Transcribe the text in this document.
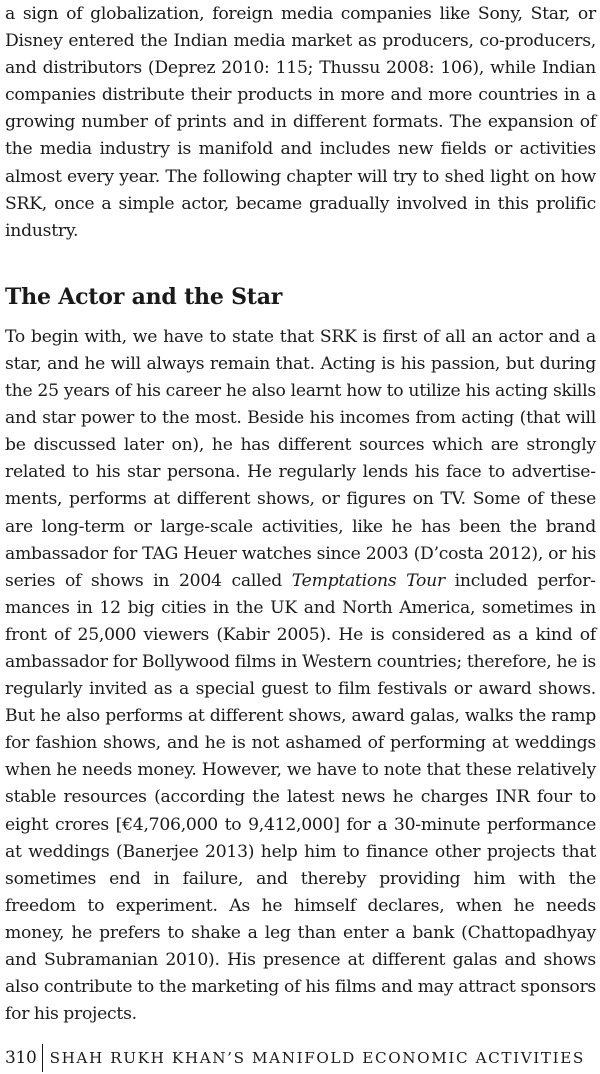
a sign of globalization, foreign media companies like Sony, Star, or Disney entered the Indian media market as producers, co-producers, and distributors (Deprez 2010: 115; Thussu 2008: 106), while Indian companies distribute their products in more and more countries in a growing number of prints and in different formats. The expansion of the media industry is manifold and includes new fields or activities almost every year. The following chapter will try to shed light on how SRK, once a simple actor, became gradually involved in this prolific industry.

The Actor and the Star

To begin with, we have to state that SRK is first of all an actor and a star, and he will always remain that. Acting is his passion, but during the 25 years of his career he also learnt how to utilize his acting skills and star power to the most. Beside his incomes from acting (that will be discussed later on), he has different sources which are strongly related to his star persona. He regularly lends his face to advertisements, performs at different shows, or figures on TV. Some of these are long-term or large-scale activities, like he has been the brand ambassador for TAG Heuer watches since 2003 (D’costa 2012), or his series of shows in 2004 called Temptations Tour included performances in 12 big cities in the UK and North America, sometimes in front of 25,000 viewers (Kabir 2005). He is considered as a kind of ambassador for Bollywood films in Western countries; therefore, he is regularly invited as a special guest to film festivals or award shows. But he also performs at different shows, award galas, walks the ramp for fashion shows, and he is not ashamed of performing at weddings when he needs money. However, we have to note that these relatively stable resources (according the latest news he charges INR four to eight crores [€4,706,000 to 9,412,000] for a 30-minute performance at weddings (Banerjee 2013) help him to finance other projects that sometimes end in failure, and thereby providing him with the freedom to experiment. As he himself declares, when he needs money, he prefers to shake a leg than enter a bank (Chattopadhyay and Subramanian 2010). His presence at different galas and shows also contribute to the marketing of his films and may attract sponsors for his projects.

310 SHAH RUKH KHAN’S MANIFOLD ECONOMIC ACTIVITIES
